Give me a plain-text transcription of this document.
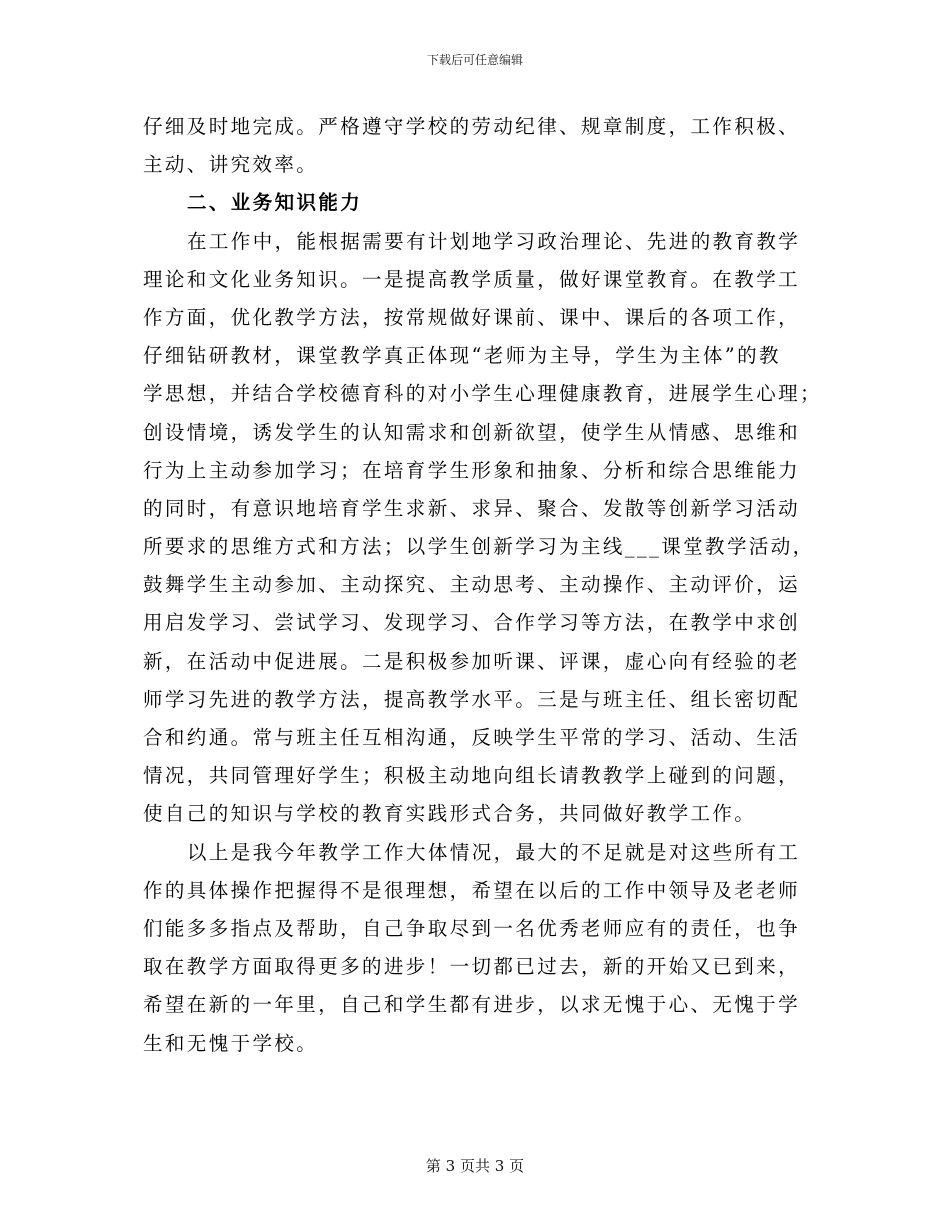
下载后可任意编辑
仔细及时地完成。严格遵守学校的劳动纪律、规章制度，工作积极、
主动、讲究效率。
二、业务知识能力
在工作中，能根据需要有计划地学习政治理论、先进的教育教学
理论和文化业务知识。一是提高教学质量，做好课堂教育。在教学工
作方面，优化教学方法，按常规做好课前、课中、课后的各项工作，
仔细钻研教材，课堂教学真正体现“老师为主导，学生为主体”的教
学思想，并结合学校德育科的对小学生心理健康教育，进展学生心理；
创设情境，诱发学生的认知需求和创新欲望，使学生从情感、思维和
行为上主动参加学习；在培育学生形象和抽象、分析和综合思维能力
的同时，有意识地培育学生求新、求异、聚合、发散等创新学习活动
所要求的思维方式和方法；以学生创新学习为主线___课堂教学活动，
鼓舞学生主动参加、主动探究、主动思考、主动操作、主动评价，运
用启发学习、尝试学习、发现学习、合作学习等方法，在教学中求创
新，在活动中促进展。二是积极参加听课、评课，虚心向有经验的老
师学习先进的教学方法，提高教学水平。三是与班主任、组长密切配
合和约通。常与班主任互相沟通，反映学生平常的学习、活动、生活
情况，共同管理好学生；积极主动地向组长请教教学上碰到的问题，
使自己的知识与学校的教育实践形式合务，共同做好教学工作。
以上是我今年教学工作大体情况，最大的不足就是对这些所有工
作的具体操作把握得不是很理想，希望在以后的工作中领导及老老师
们能多多指点及帮助，自己争取尽到一名优秀老师应有的责任，也争
取在教学方面取得更多的进步！一切都已过去，新的开始又已到来，
希望在新的一年里，自己和学生都有进步，以求无愧于心、无愧于学
生和无愧于学校。
第 3 页共 3 页
